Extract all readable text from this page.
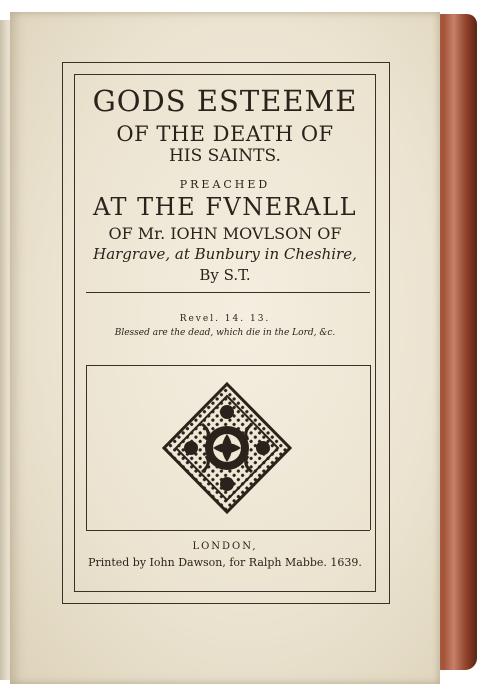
GODS ESTEEME
OF THE DEATH OF
HIS SAINTS.
PREACHED
AT THE FVNERALL
OF Mr. IOHN MOVLSON OF
Hargrave, at Bunbury in Cheshire,
By S.T.
Revel. 14. 13.
Blessed are the dead, which die in the Lord, &c.
LONDON,
Printed by Iohn Dawson, for Ralph Mabbe. 1639.
